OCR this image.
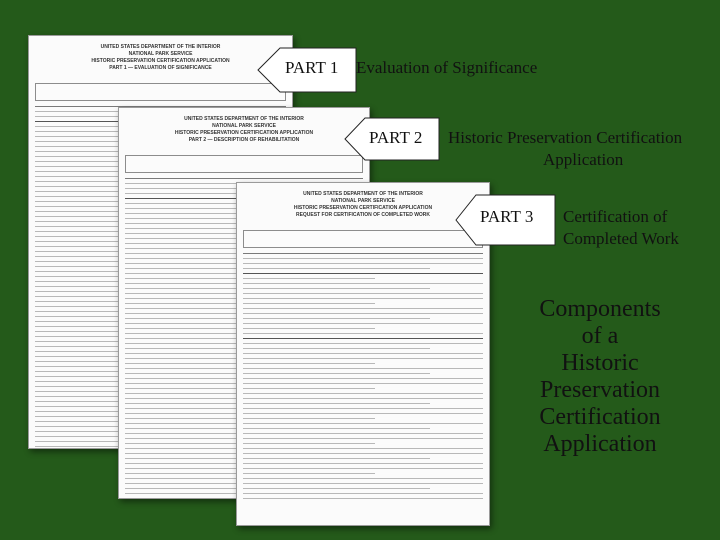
UNITED STATES DEPARTMENT OF THE INTERIOR
NATIONAL PARK SERVICE
HISTORIC PRESERVATION CERTIFICATION APPLICATION
PART 1 — EVALUATION OF SIGNIFICANCE
UNITED STATES DEPARTMENT OF THE INTERIOR
NATIONAL PARK SERVICE
HISTORIC PRESERVATION CERTIFICATION APPLICATION
PART 2 — DESCRIPTION OF REHABILITATION
UNITED STATES DEPARTMENT OF THE INTERIOR
NATIONAL PARK SERVICE
HISTORIC PRESERVATION CERTIFICATION APPLICATION
REQUEST FOR CERTIFICATION OF COMPLETED WORK
PART 1 Evaluation of Significance
PART 2 Historic Preservation Certification
Application
PART 3 Certification of
Completed Work
Components
of a
Historic
Preservation
Certification
Application
